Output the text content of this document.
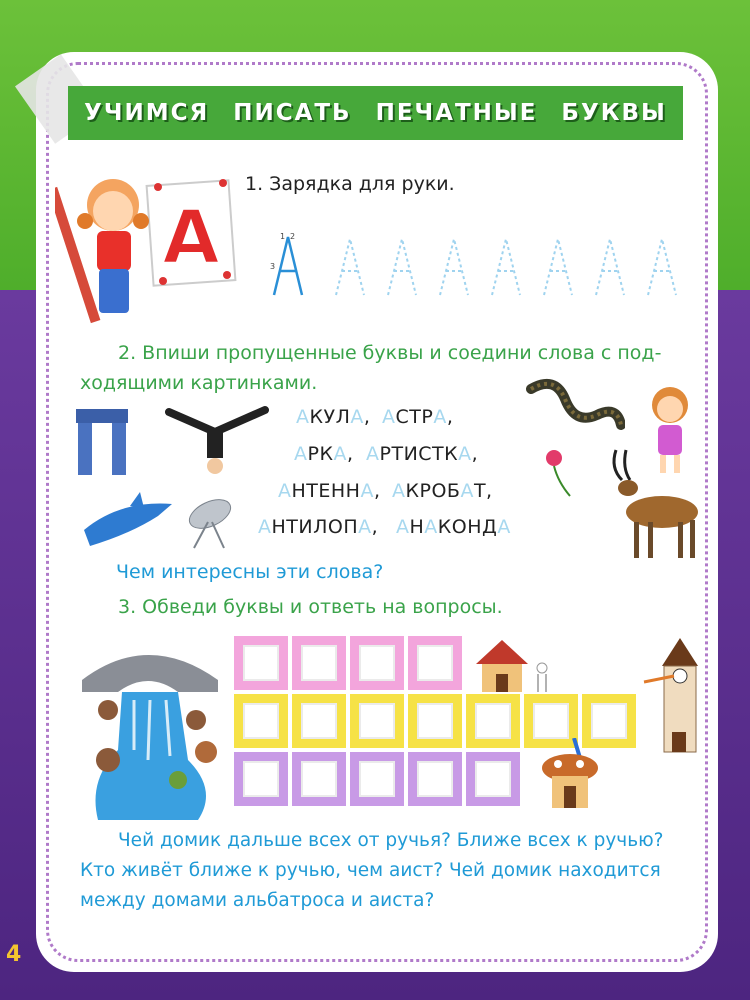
УЧИМСЯ ПИСАТЬ ПЕЧАТНЫЕ БУКВЫ
А
1. Зарядка для руки.
1 2
3
2. Впиши пропущенные буквы и соедини слова с под-
ходящими картинками.
АКУЛА, АСТРА,
АРКА, АРТИСТКА,
АНТЕННА, АКРОБАТ,
АНТИЛОПА, АНАКОНДА
Чем интересны эти слова?
3. Обведи буквы и ответь на вопросы.
Чей домик дальше всех от ручья? Ближе всех к ручью?
Кто живёт ближе к ручью, чем аист? Чей домик находится
между домами альбатроса и аиста?
4
